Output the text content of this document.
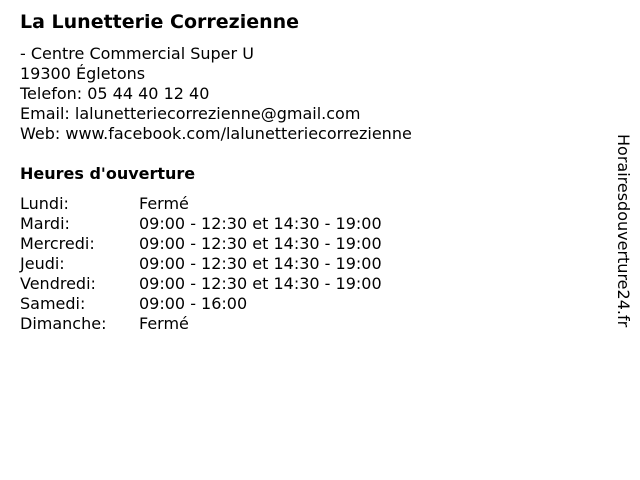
La Lunetterie Correzienne
- Centre Commercial Super U
19300 Égletons
Telefon: 05 44 40 12 40
Email: lalunetteriecorrezienne@gmail.com
Web: www.facebook.com/lalunetteriecorrezienne
Heures d'ouverture
Lundi:	Fermé
Mardi:	09:00 - 12:30 et 14:30 - 19:00
Mercredi:	09:00 - 12:30 et 14:30 - 19:00
Jeudi:	09:00 - 12:30 et 14:30 - 19:00
Vendredi:	09:00 - 12:30 et 14:30 - 19:00
Samedi:	09:00 - 16:00
Dimanche: Fermé	Horairesdouverture24.fr
